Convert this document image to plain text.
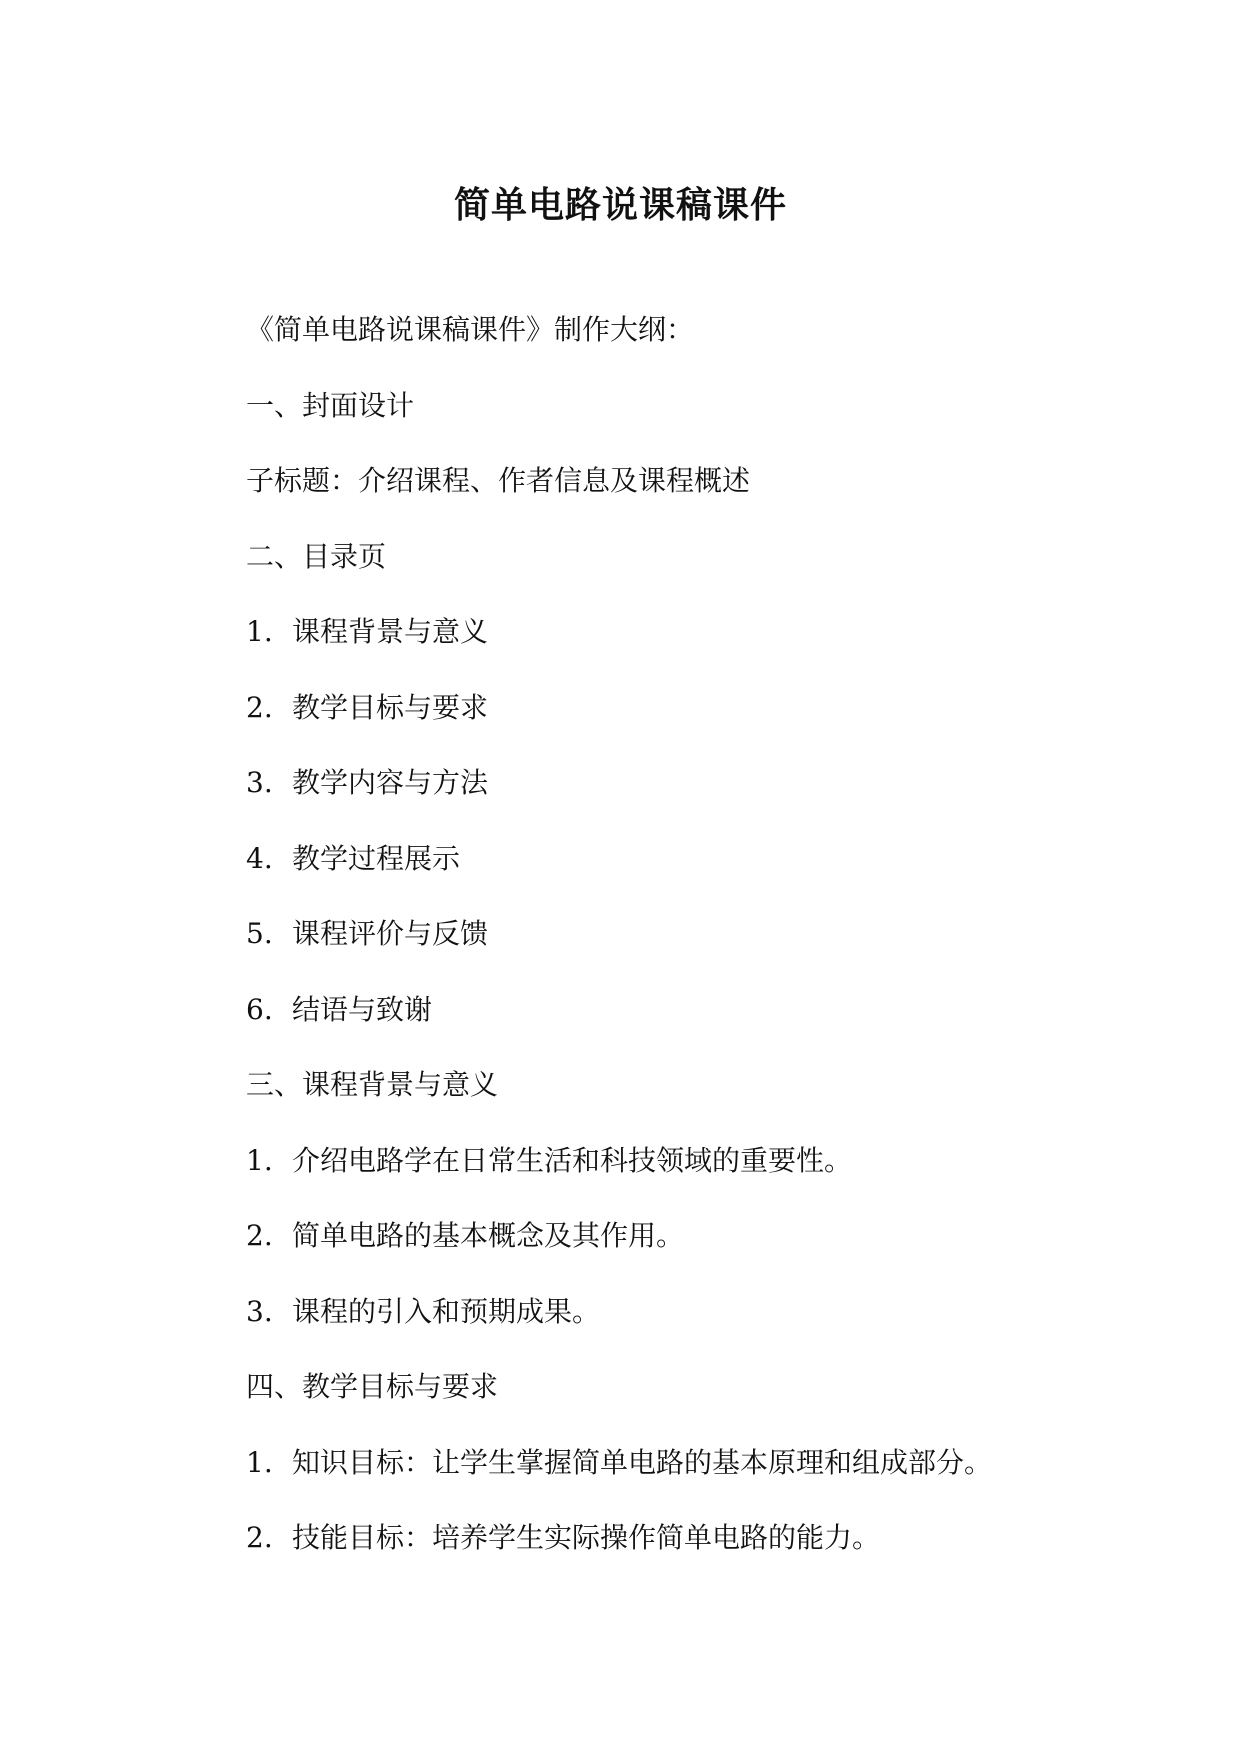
简单电路说课稿课件
《简单电路说课稿课件》制作大纲：
一、封面设计
子标题：介绍课程、作者信息及课程概述
二、目录页
1. 课程背景与意义
2. 教学目标与要求
3. 教学内容与方法
4. 教学过程展示
5. 课程评价与反馈
6. 结语与致谢
三、课程背景与意义
1. 介绍电路学在日常生活和科技领域的重要性。
2. 简单电路的基本概念及其作用。
3. 课程的引入和预期成果。
四、教学目标与要求
1. 知识目标：让学生掌握简单电路的基本原理和组成部分。
2. 技能目标：培养学生实际操作简单电路的能力。
